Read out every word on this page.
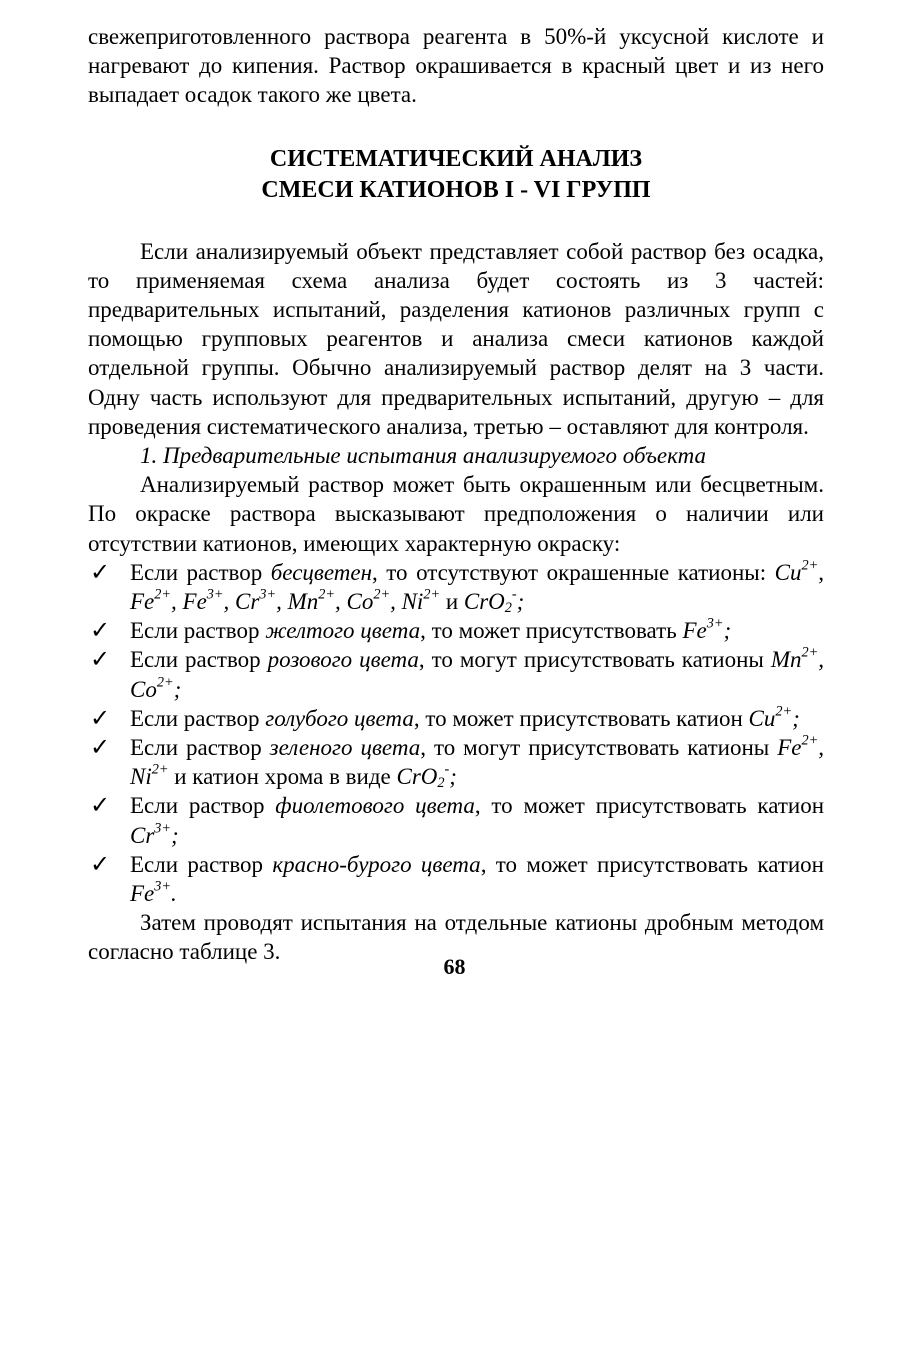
свежеприготовленного раствора реагента в 50%-й уксусной кислоте и нагревают до кипения. Раствор окрашивается в красный цвет и из него выпадает осадок такого же цвета.

СИСТЕМАТИЧЕСКИЙ АНАЛИЗ
СМЕСИ КАТИОНОВ I - VI ГРУПП

Если анализируемый объект представляет собой раствор без осадка, то применяемая схема анализа будет состоять из 3 частей: предварительных испытаний, разделения катионов различных групп с помощью групповых реагентов и анализа смеси катионов каждой отдельной группы. Обычно анализируемый раствор делят на 3 части. Одну часть используют для предварительных испытаний, другую – для проведения систематического анализа, третью – оставляют для контроля.

1. Предварительные испытания анализируемого объекта

Анализируемый раствор может быть окрашенным или бесцветным. По окраске раствора высказывают предположения о наличии или отсутствии катионов, имеющих характерную окраску:

✓ Если раствор бесцветен, то отсутствуют окрашенные катионы: $Cu^{2+}$, $Fe^{2+}$, $Fe^{3+}$, $Cr^{3+}$, $Mn^{2+}$, $Co^{2+}$, $Ni^{2+}$ и CrO$_2$-;
✓ Если раствор желтого цвета, то может присутствовать $Fe^{3+}$;
✓ Если раствор розового цвета, то могут присутствовать катионы $Mn^{2+}$, $Co^{2+}$;
✓ Если раствор голубого цвета, то может присутствовать катион $Cu^{2+}$;
✓ Если раствор зеленого цвета, то могут присутствовать катионы $Fe^{2+}$, $Ni^{2+}$ и катион хрома в виде CrO$_2$-;
✓ Если раствор фиолетового цвета, то может присутствовать катион $Cr^{3+}$;
✓ Если раствор красно-бурого цвета, то может присутствовать катион $Fe^{3+}$.

Затем проводят испытания на отдельные катионы дробным методом согласно таблице 3.

68
